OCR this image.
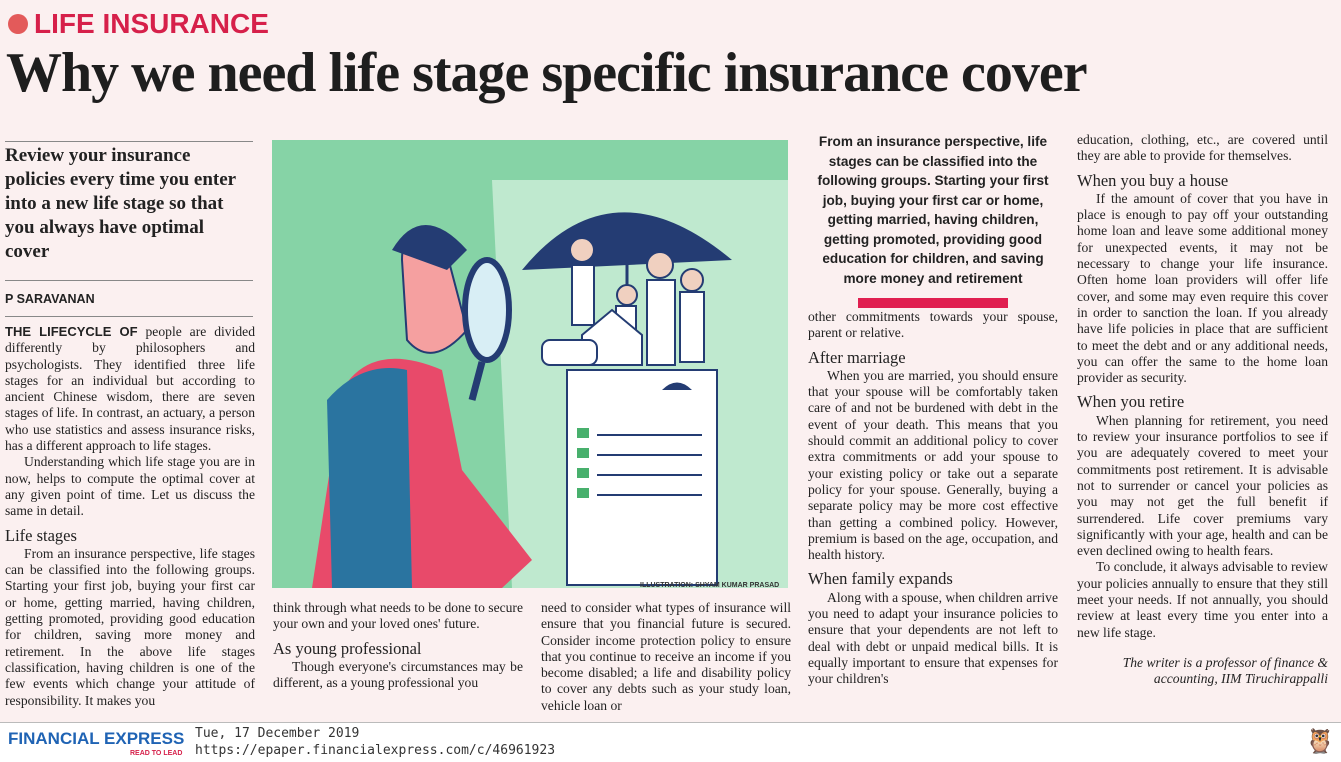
LIFE INSURANCE
Why we need life stage specific insurance cover
Review your insurance policies every time you enter into a new life stage so that you always have optimal cover
P SARAVANAN

THE LIFECYCLE OF people are divided differently by philosophers and psychologists. They identified three life stages for an individual but according to ancient Chinese wisdom, there are seven stages of life. In contrast, an actuary, a person who use statistics and assess insurance risks, has a different approach to life stages.

Understanding which life stage you are in now, helps to compute the optimal cover at any given point of time. Let us discuss the same in detail.

Life stages

From an insurance perspective, life stages can be classified into the following groups. Starting your first job, buying your first car or home, getting married, having children, getting promoted, providing good education for children, saving more money and retirement. In the above life stages classification, having children is one of the few events which change your attitude of responsibility. It makes you

ILLUSTRATION: SHYAM KUMAR PRASAD

think through what needs to be done to secure your own and your loved ones' future.

As young professional

Though everyone's circumstances may be different, as a young professional you

need to consider what types of insurance will ensure that you financial future is secured. Consider income protection policy to ensure that you continue to receive an income if you become disabled; a life and disability policy to cover any debts such as your study loan, vehicle loan or

From an insurance perspective, life stages can be classified into the following groups. Starting your first job, buying your first car or home, getting married, having children, getting promoted, providing good education for children, and saving more money and retirement

other commitments towards your spouse, parent or relative.

After marriage

When you are married, you should ensure that your spouse will be comfortably taken care of and not be burdened with debt in the event of your death. This means that you should commit an additional policy to cover extra commitments or add your spouse to your existing policy or take out a separate policy for your spouse. Generally, buying a separate policy may be more cost effective than getting a combined policy. However, premium is based on the age, occupation, and health history.

When family expands

Along with a spouse, when children arrive you need to adapt your insurance policies to ensure that your dependents are not left to deal with debt or unpaid medical bills. It is equally important to ensure that expenses for your children's

education, clothing, etc., are covered until they are able to provide for themselves.

When you buy a house

If the amount of cover that you have in place is enough to pay off your outstanding home loan and leave some additional money for unexpected events, it may not be necessary to change your life insurance. Often home loan providers will offer life cover, and some may even require this cover in order to sanction the loan. If you already have life policies in place that are sufficient to meet the debt and or any additional needs, you can offer the same to the home loan provider as security.

When you retire

When planning for retirement, you need to review your insurance portfolios to see if you are adequately covered to meet your commitments post retirement. It is advisable not to surrender or cancel your policies as you may not get the full benefit if surrendered. Life cover premiums vary significantly with your age, health and can be even declined owing to health fears.

To conclude, it always advisable to review your policies annually to ensure that they still meet your needs. If not annually, you should review at least every time you enter into a new life stage.

The writer is a professor of finance & accounting, IIM Tiruchirappalli

FINANCIAL EXPRESS
READ TO LEAD
Tue, 17 December 2019
https://epaper.financialexpress.com/c/46961923	🦉
